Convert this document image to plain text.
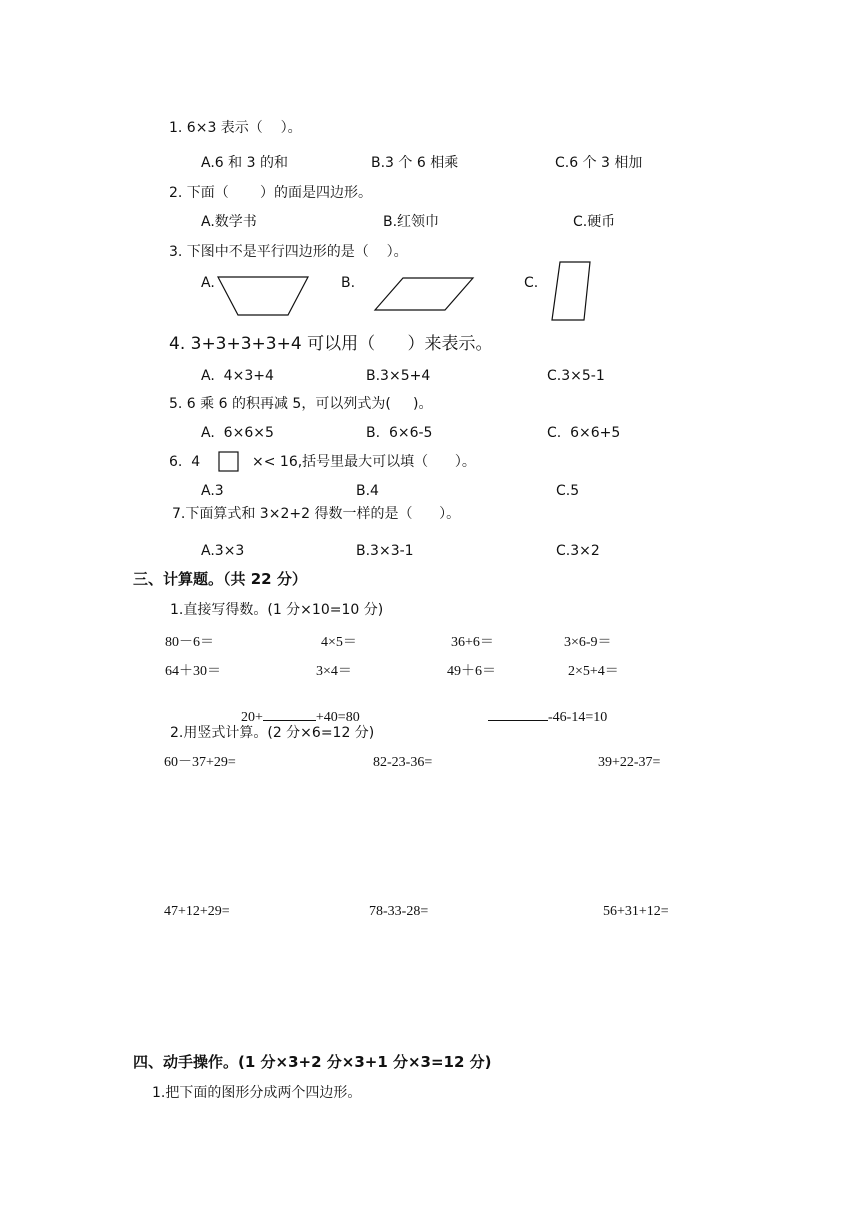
1. 6×3 表示（    ）。
A.6 和 3 的和	B.3 个 6 相乘	C.6 个 3 相加
2. 下面（       ）的面是四边形。
A.数学书	B.红领巾	C.硬币
3. 下图中不是平行四边形的是（    ）。
A.	B.	C.
4. 3+3+3+3+4 可以用（      ）来表示。
A.  4×3+4	B.3×5+4	C.3×5-1
5. 6 乘 6 的积再减 5，可以列式为(     )。
A.  6×6×5	B.  6×6-5	C.  6×6+5
6.  4	×< 16,括号里最大可以填（      ）。
A.3	B.4	C.5
7.下面算式和 3×2+2 得数一样的是（      ）。
A.3×3	B.3×3-1	C.3×2
三、计算题。（共 22 分）
1.直接写得数。(1 分×10=10 分)
80－6＝	4×5＝	36+6＝	3×6-9＝
64＋30＝	3×4＝	49＋6＝	2×5+4＝

20+	+40=80	-46-14=10

2.用竖式计算。(2 分×6=12 分)
60－37+29=	82-23-36=	39+22-37=
47+12+29=	78-33-28=	56+31+12=
四、动手操作。(1 分×3+2 分×3+1 分×3=12 分)
1.把下面的图形分成两个四边形。
